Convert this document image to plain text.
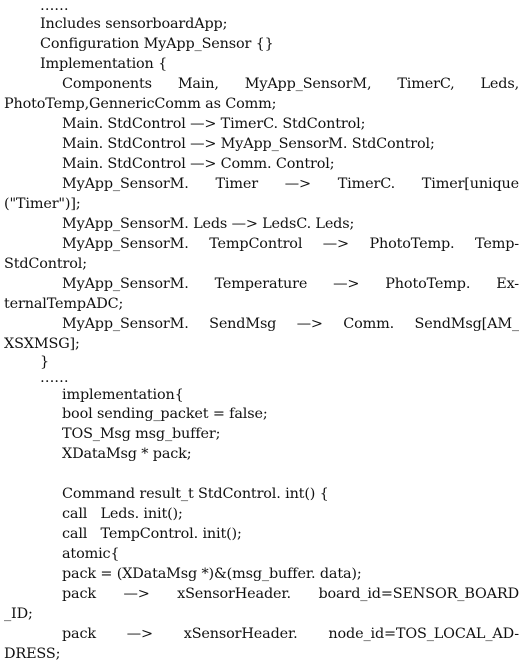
……
Includes sensorboardApp;
Configuration MyApp_Sensor {}
Implementation {
Components Main, MyApp_SensorM, TimerC, Leds,
PhotoTemp,GennericComm as Comm;
Main. StdControl —> TimerC. StdControl;
Main. StdControl —> MyApp_SensorM. StdControl;
Main. StdControl —> Comm. Control;
MyApp_SensorM. Timer —> TimerC. Timer[unique
("Timer")];
MyApp_SensorM. Leds —> LedsC. Leds;
MyApp_SensorM. TempControl —> PhotoTemp. Temp-
StdControl;
MyApp_SensorM. Temperature —> PhotoTemp. Ex-
ternalTempADC;
MyApp_SensorM. SendMsg —> Comm. SendMsg[AM_
XSXMSG];
}
……
implementation{
bool sending_packet = false;
TOS_Msg msg_buffer;
XDataMsg * pack;
Command result_t StdControl. int() {
call   Leds. init();
call   TempControl. init();
atomic{
pack = (XDataMsg *)&(msg_buffer. data);
pack —> xSensorHeader. board_id=SENSOR_BOARD
_ID;
pack —> xSensorHeader. node_id=TOS_LOCAL_AD-
DRESS;
